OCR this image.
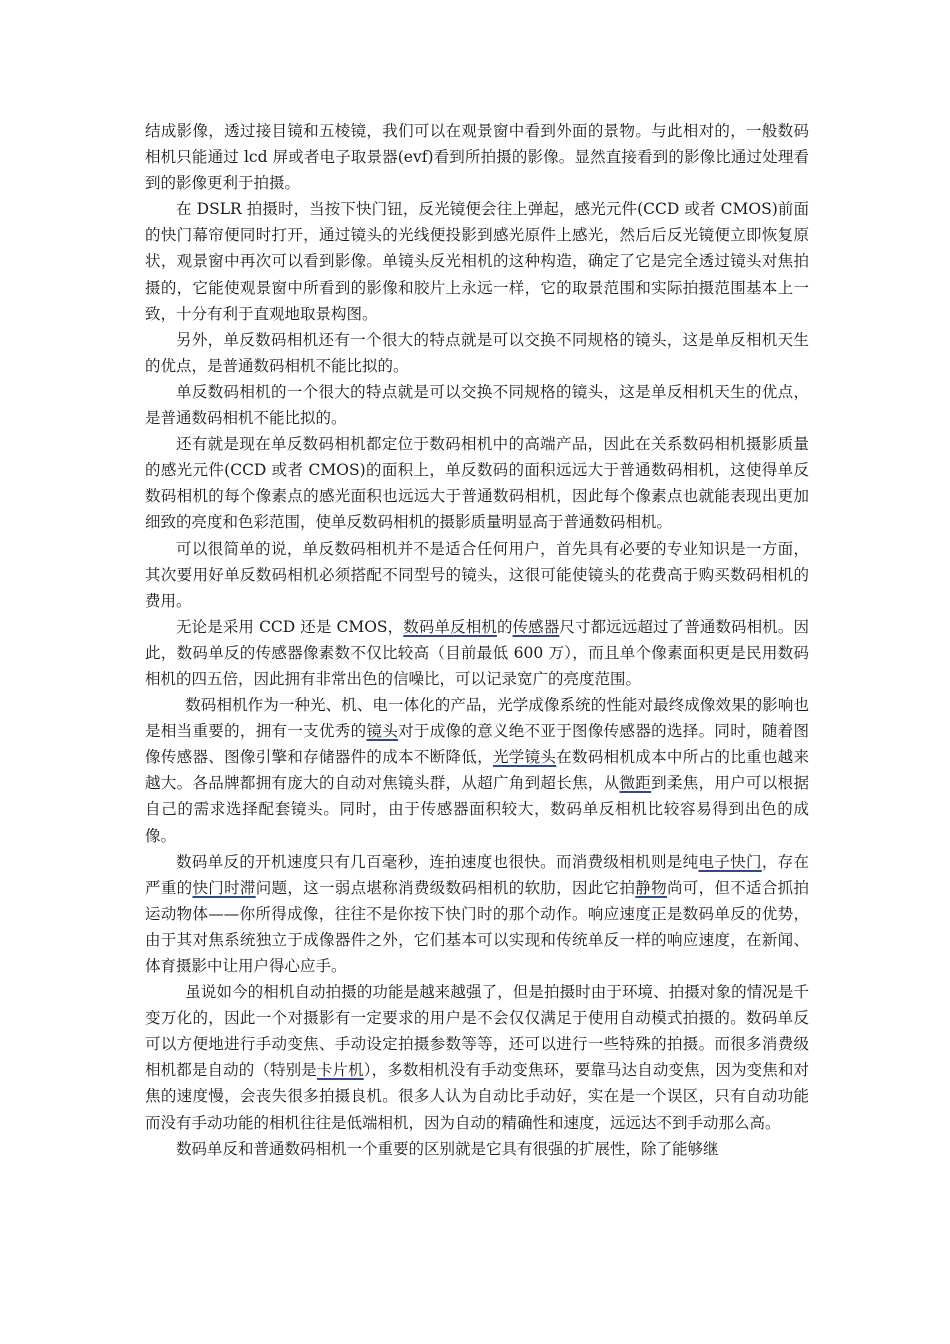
结成影像，透过接目镜和五棱镜，我们可以在观景窗中看到外面的景物。与此相对的，一般数码相机只能通过 lcd 屏或者电子取景器(evf)看到所拍摄的影像。显然直接看到的影像比通过处理看到的影像更利于拍摄。

在 DSLR 拍摄时，当按下快门钮，反光镜便会往上弹起，感光元件(CCD 或者 CMOS)前面的快门幕帘便同时打开，通过镜头的光线便投影到感光原件上感光，然后后反光镜便立即恢复原状，观景窗中再次可以看到影像。单镜头反光相机的这种构造，确定了它是完全透过镜头对焦拍摄的，它能使观景窗中所看到的影像和胶片上永远一样，它的取景范围和实际拍摄范围基本上一致，十分有利于直观地取景构图。

另外，单反数码相机还有一个很大的特点就是可以交换不同规格的镜头，这是单反相机天生的优点，是普通数码相机不能比拟的。

单反数码相机的一个很大的特点就是可以交换不同规格的镜头，这是单反相机天生的优点，是普通数码相机不能比拟的。

还有就是现在单反数码相机都定位于数码相机中的高端产品，因此在关系数码相机摄影质量的感光元件(CCD 或者 CMOS)的面积上，单反数码的面积远远大于普通数码相机，这使得单反数码相机的每个像素点的感光面积也远远大于普通数码相机，因此每个像素点也就能表现出更加细致的亮度和色彩范围，使单反数码相机的摄影质量明显高于普通数码相机。

可以很简单的说，单反数码相机并不是适合任何用户，首先具有必要的专业知识是一方面，其次要用好单反数码相机必须搭配不同型号的镜头，这很可能使镜头的花费高于购买数码相机的费用。

无论是采用 CCD 还是 CMOS，数码单反相机的传感器尺寸都远远超过了普通数码相机。因此，数码单反的传感器像素数不仅比较高（目前最低 600 万），而且单个像素面积更是民用数码相机的四五倍，因此拥有非常出色的信噪比，可以记录宽广的亮度范围。

数码相机作为一种光、机、电一体化的产品，光学成像系统的性能对最终成像效果的影响也是相当重要的，拥有一支优秀的镜头对于成像的意义绝不亚于图像传感器的选择。同时，随着图像传感器、图像引擎和存储器件的成本不断降低，光学镜头在数码相机成本中所占的比重也越来越大。各品牌都拥有庞大的自动对焦镜头群，从超广角到超长焦，从微距到柔焦，用户可以根据自己的需求选择配套镜头。同时，由于传感器面积较大，数码单反相机比较容易得到出色的成像。

数码单反的开机速度只有几百毫秒，连拍速度也很快。而消费级相机则是纯电子快门，存在严重的快门时滞问题，这一弱点堪称消费级数码相机的软肋，因此它拍静物尚可，但不适合抓拍运动物体——你所得成像，往往不是你按下快门时的那个动作。响应速度正是数码单反的优势，由于其对焦系统独立于成像器件之外，它们基本可以实现和传统单反一样的响应速度，在新闻、体育摄影中让用户得心应手。

虽说如今的相机自动拍摄的功能是越来越强了，但是拍摄时由于环境、拍摄对象的情况是千变万化的，因此一个对摄影有一定要求的用户是不会仅仅满足于使用自动模式拍摄的。数码单反可以方便地进行手动变焦、手动设定拍摄参数等等，还可以进行一些特殊的拍摄。而很多消费级相机都是自动的（特别是卡片机），多数相机没有手动变焦环，要靠马达自动变焦，因为变焦和对焦的速度慢，会丧失很多拍摄良机。很多人认为自动比手动好，实在是一个误区，只有自动功能而没有手动功能的相机往往是低端相机，因为自动的精确性和速度，远远达不到手动那么高。

数码单反和普通数码相机一个重要的区别就是它具有很强的扩展性，除了能够继
